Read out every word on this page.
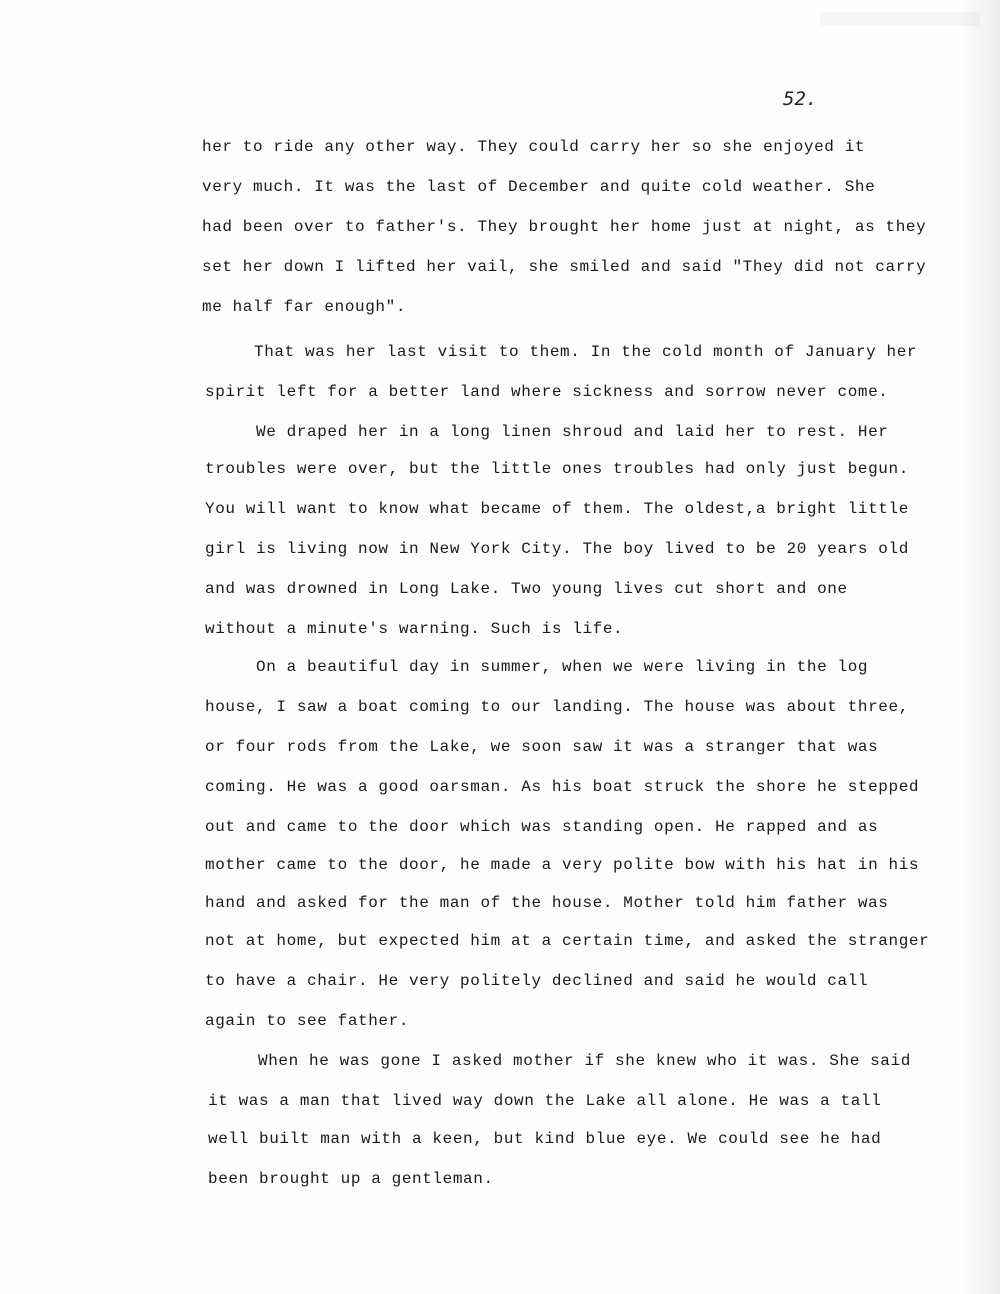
52.

her to ride any other way. They could carry her so she enjoyed it

very much. It was the last of December and quite cold weather. She

had been over to father's. They brought her home just at night, as they

set her down I lifted her vail, she smiled and said "They did not carry

me half far enough".

That was her last visit to them. In the cold month of January her

spirit left for a better land where sickness and sorrow never come.

We draped her in a long linen shroud and laid her to rest. Her

troubles were over, but the little ones troubles had only just begun.

You will want to know what became of them. The oldest,a bright little

girl is living now in New York City. The boy lived to be 20 years old

and was drowned in Long Lake. Two young lives cut short and one

without a minute's warning. Such is life.

On a beautiful day in summer, when we were living in the log

house, I saw a boat coming to our landing. The house was about three,

or four rods from the Lake, we soon saw it was a stranger that was

coming. He was a good oarsman. As his boat struck the shore he stepped

out and came to the door which was standing open. He rapped and as

mother came to the door, he made a very polite bow with his hat in his

hand and asked for the man of the house. Mother told him father was

not at home, but expected him at a certain time, and asked the stranger

to have a chair. He very politely declined and said he would call

again to see father.

When he was gone I asked mother if she knew who it was. She said

it was a man that lived way down the Lake all alone. He was a tall

well built man with a keen, but kind blue eye. We could see he had

been brought up a gentleman.
